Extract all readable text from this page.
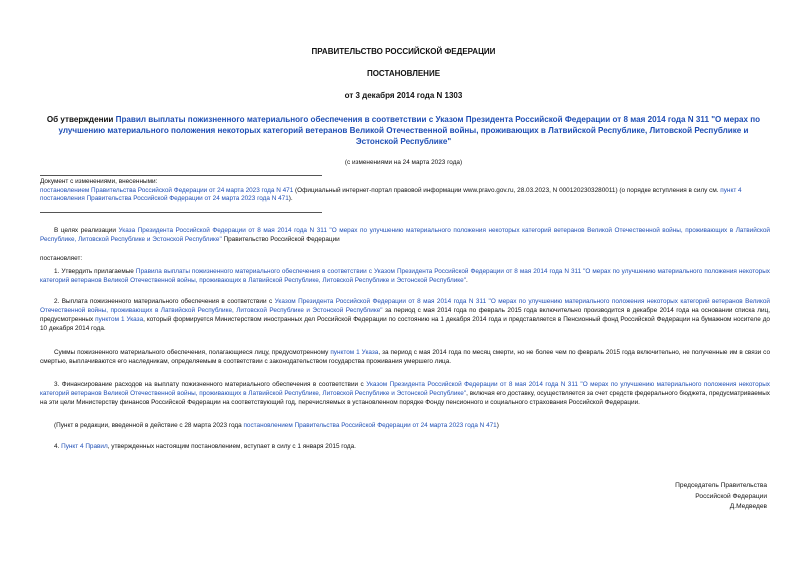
ПРАВИТЕЛЬСТВО РОССИЙСКОЙ ФЕДЕРАЦИИ
ПОСТАНОВЛЕНИЕ
от 3 декабря 2014 года N 1303
Об утверждении Правил выплаты пожизненного материального обеспечения в соответствии с Указом Президента Российской Федерации от 8 мая 2014 года N 311 "О мерах по улучшению материального положения некоторых категорий ветеранов Великой Отечественной войны, проживающих в Латвийской Республике, Литовской Республике и Эстонской Республике"
(с изменениями на 24 марта 2023 года)
Документ с изменениями, внесенными:
постановлением Правительства Российской Федерации от 24 марта 2023 года N 471 (Официальный интернет-портал правовой информации www.pravo.gov.ru, 28.03.2023, N 0001202303280011) (о порядке вступления в силу см. пункт 4 постановления Правительства Российской Федерации от 24 марта 2023 года N 471).
В целях реализации Указа Президента Российской Федерации от 8 мая 2014 года N 311 "О мерах по улучшению материального положения некоторых категорий ветеранов Великой Отечественной войны, проживающих в Латвийской Республике, Литовской Республике и Эстонской Республике" Правительство Российской Федерации
постановляет:
1. Утвердить прилагаемые Правила выплаты пожизненного материального обеспечения в соответствии с Указом Президента Российской Федерации от 8 мая 2014 года N 311 "О мерах по улучшению материального положения некоторых категорий ветеранов Великой Отечественной войны, проживающих в Латвийской Республике, Литовской Республике и Эстонской Республике".
2. Выплата пожизненного материального обеспечения в соответствии с Указом Президента Российской Федерации от 8 мая 2014 года N 311 "О мерах по улучшению материального положения некоторых категорий ветеранов Великой Отечественной войны, проживающих в Латвийской Республике, Литовской Республике и Эстонской Республике" за период с мая 2014 года по февраль 2015 года включительно производится в декабре 2014 года на основании списка лиц, предусмотренных пунктом 1 Указа, который формируется Министерством иностранных дел Российской Федерации по состоянию на 1 декабря 2014 года и представляется в Пенсионный фонд Российской Федерации на бумажном носителе до 10 декабря 2014 года.
Суммы пожизненного материального обеспечения, полагающиеся лицу, предусмотренному пунктом 1 Указа, за период с мая 2014 года по месяц смерти, но не более чем по февраль 2015 года включительно, не полученные им в связи со смертью, выплачиваются его наследникам, определяемым в соответствии с законодательством государства проживания умершего лица.
3. Финансирование расходов на выплату пожизненного материального обеспечения в соответствии с Указом Президента Российской Федерации от 8 мая 2014 года N 311 "О мерах по улучшению материального положения некоторых категорий ветеранов Великой Отечественной войны, проживающих в Латвийской Республике, Литовской Республике и Эстонской Республике", включая его доставку, осуществляется за счет средств федерального бюджета, предусматриваемых на эти цели Министерству финансов Российской Федерации на соответствующий год, перечисляемых в установленном порядке Фонду пенсионного и социального страхования Российской Федерации.
(Пункт в редакции, введенной в действие с 28 марта 2023 года постановлением Правительства Российской Федерации от 24 марта 2023 года N 471)
4. Пункт 4 Правил, утвержденных настоящим постановлением, вступает в силу с 1 января 2015 года.
Председатель Правительства
Российской Федерации
Д.Медведев
